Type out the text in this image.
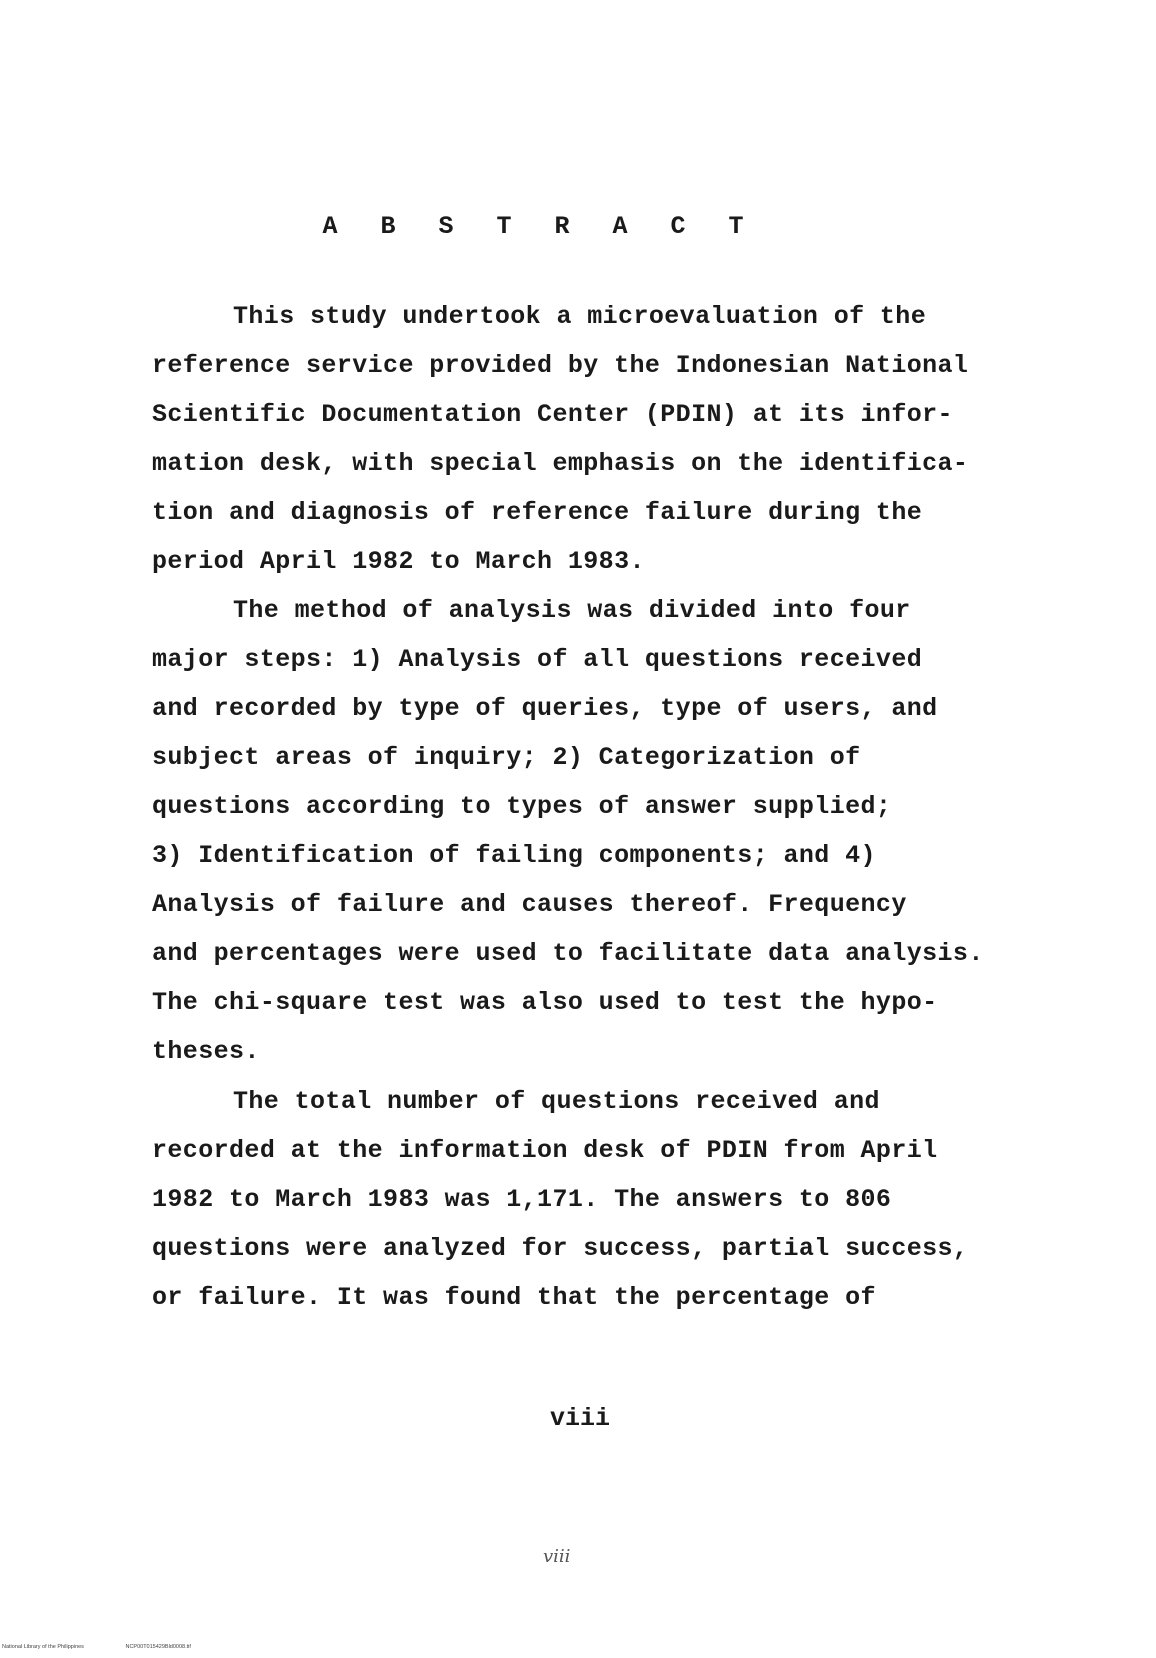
A B S T R A C T
This study undertook a microevaluation of the
reference service provided by the Indonesian National
Scientific Documentation Center (PDIN) at its infor-
mation desk, with special emphasis on the identifica-
tion and diagnosis of reference failure during the
period April 1982 to March 1983.
The method of analysis was divided into four
major steps: 1) Analysis of all questions received
and recorded by type of queries, type of users, and
subject areas of inquiry; 2) Categorization of
questions according to types of answer supplied;
3) Identification of failing components; and 4)
Analysis of failure and causes thereof. Frequency
and percentages were used to facilitate data analysis.
The chi-square test was also used to test the hypo-
theses.
The total number of questions received and
recorded at the information desk of PDIN from April
1982 to March 1983 was 1,171. The answers to 806
questions were analyzed for success, partial success,
or failure. It was found that the percentage of
viii
viii
National Library of the Philippines	NCP00T015429Bld0008.tif
